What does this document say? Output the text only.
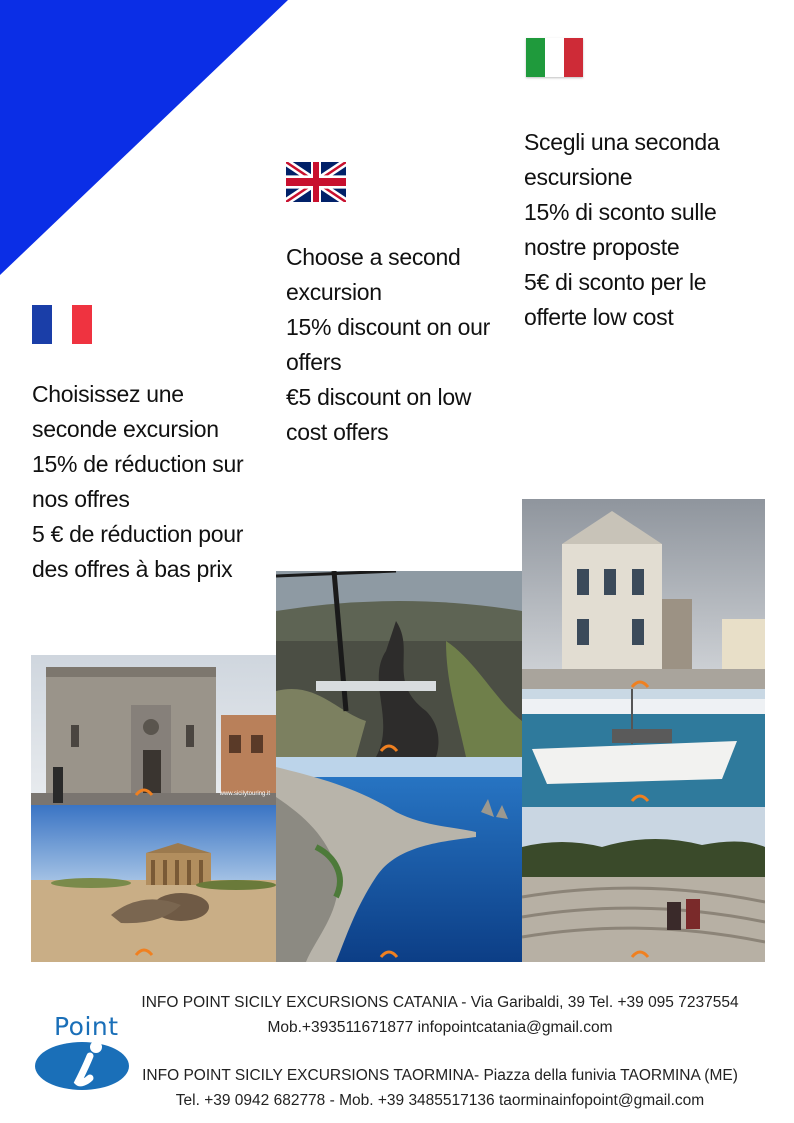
Choisissez une seconde excursion

15% de réduction sur nos offres

5 € de réduction pour des offres à bas prix

Choose a second excursion

15% discount on our offers

€5 discount on low cost offers

Scegli una seconda escursione

15% di sconto sulle nostre proposte

5€ di sconto per le offerte low cost

www.sicilytouring.it
Point
INFO POINT SICILY EXCURSIONS CATANIA - Via Garibaldi, 39 Tel. +39 095 7237554
Mob.+393511671877 infopointcatania@gmail.com
INFO POINT SICILY EXCURSIONS TAORMINA- Piazza della funivia TAORMINA (ME)
Tel. +39 0942 682778 - Mob. +39 3485517136 taorminainfopoint@gmail.com
